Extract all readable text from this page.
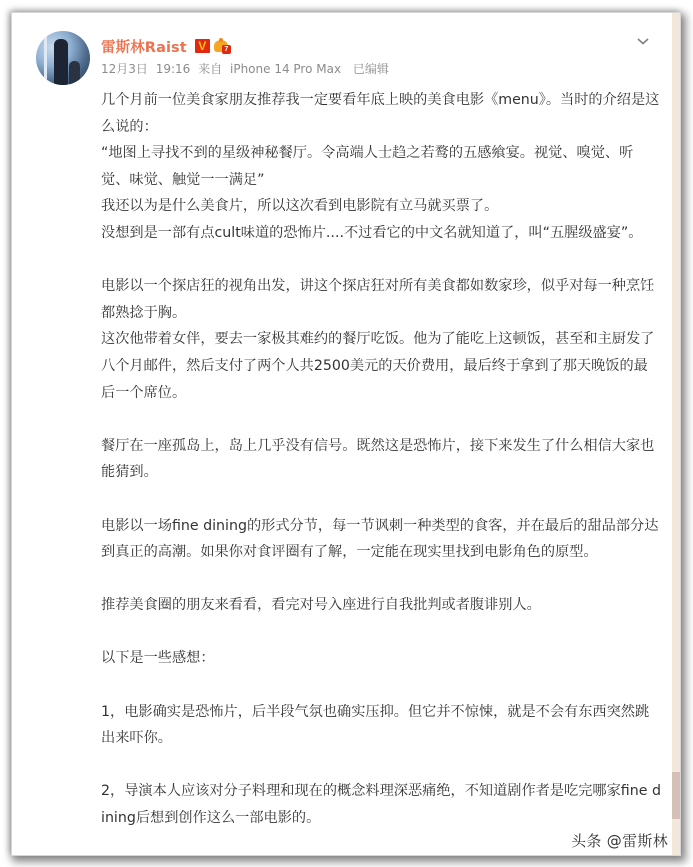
雷斯林Raist V	7
12月3日 19:16 来自 iPhone 14 Pro Max 已编辑

几个月前一位美食家朋友推荐我一定要看年底上映的美食电影《menu》。当时的介绍是这么说的：

“地图上寻找不到的星级神秘餐厅。令高端人士趋之若鹜的五感飨宴。视觉、嗅觉、听觉、味觉、触觉一一满足”

我还以为是什么美食片，所以这次看到电影院有立马就买票了。

没想到是一部有点cult味道的恐怖片....不过看它的中文名就知道了，叫“五腥级盛宴”。

电影以一个探店狂的视角出发，讲这个探店狂对所有美食都如数家珍，似乎对每一种烹饪都熟捻于胸。

这次他带着女伴，要去一家极其难约的餐厅吃饭。他为了能吃上这顿饭，甚至和主厨发了八个月邮件，然后支付了两个人共2500美元的天价费用，最后终于拿到了那天晚饭的最后一个席位。

餐厅在一座孤岛上，岛上几乎没有信号。既然这是恐怖片，接下来发生了什么相信大家也能猜到。

电影以一场fine dining的形式分节，每一节讽刺一种类型的食客，并在最后的甜品部分达到真正的高潮。如果你对食评圈有了解，一定能在现实里找到电影角色的原型。

推荐美食圈的朋友来看看，看完对号入座进行自我批判或者腹诽别人。

以下是一些感想：

1，电影确实是恐怖片，后半段气氛也确实压抑。但它并不惊悚，就是不会有东西突然跳出来吓你。

2，导演本人应该对分子料理和现在的概念料理深恶痛绝，不知道剧作者是吃完哪家fine dining后想到创作这么一部电影的。

头条 @雷斯林
